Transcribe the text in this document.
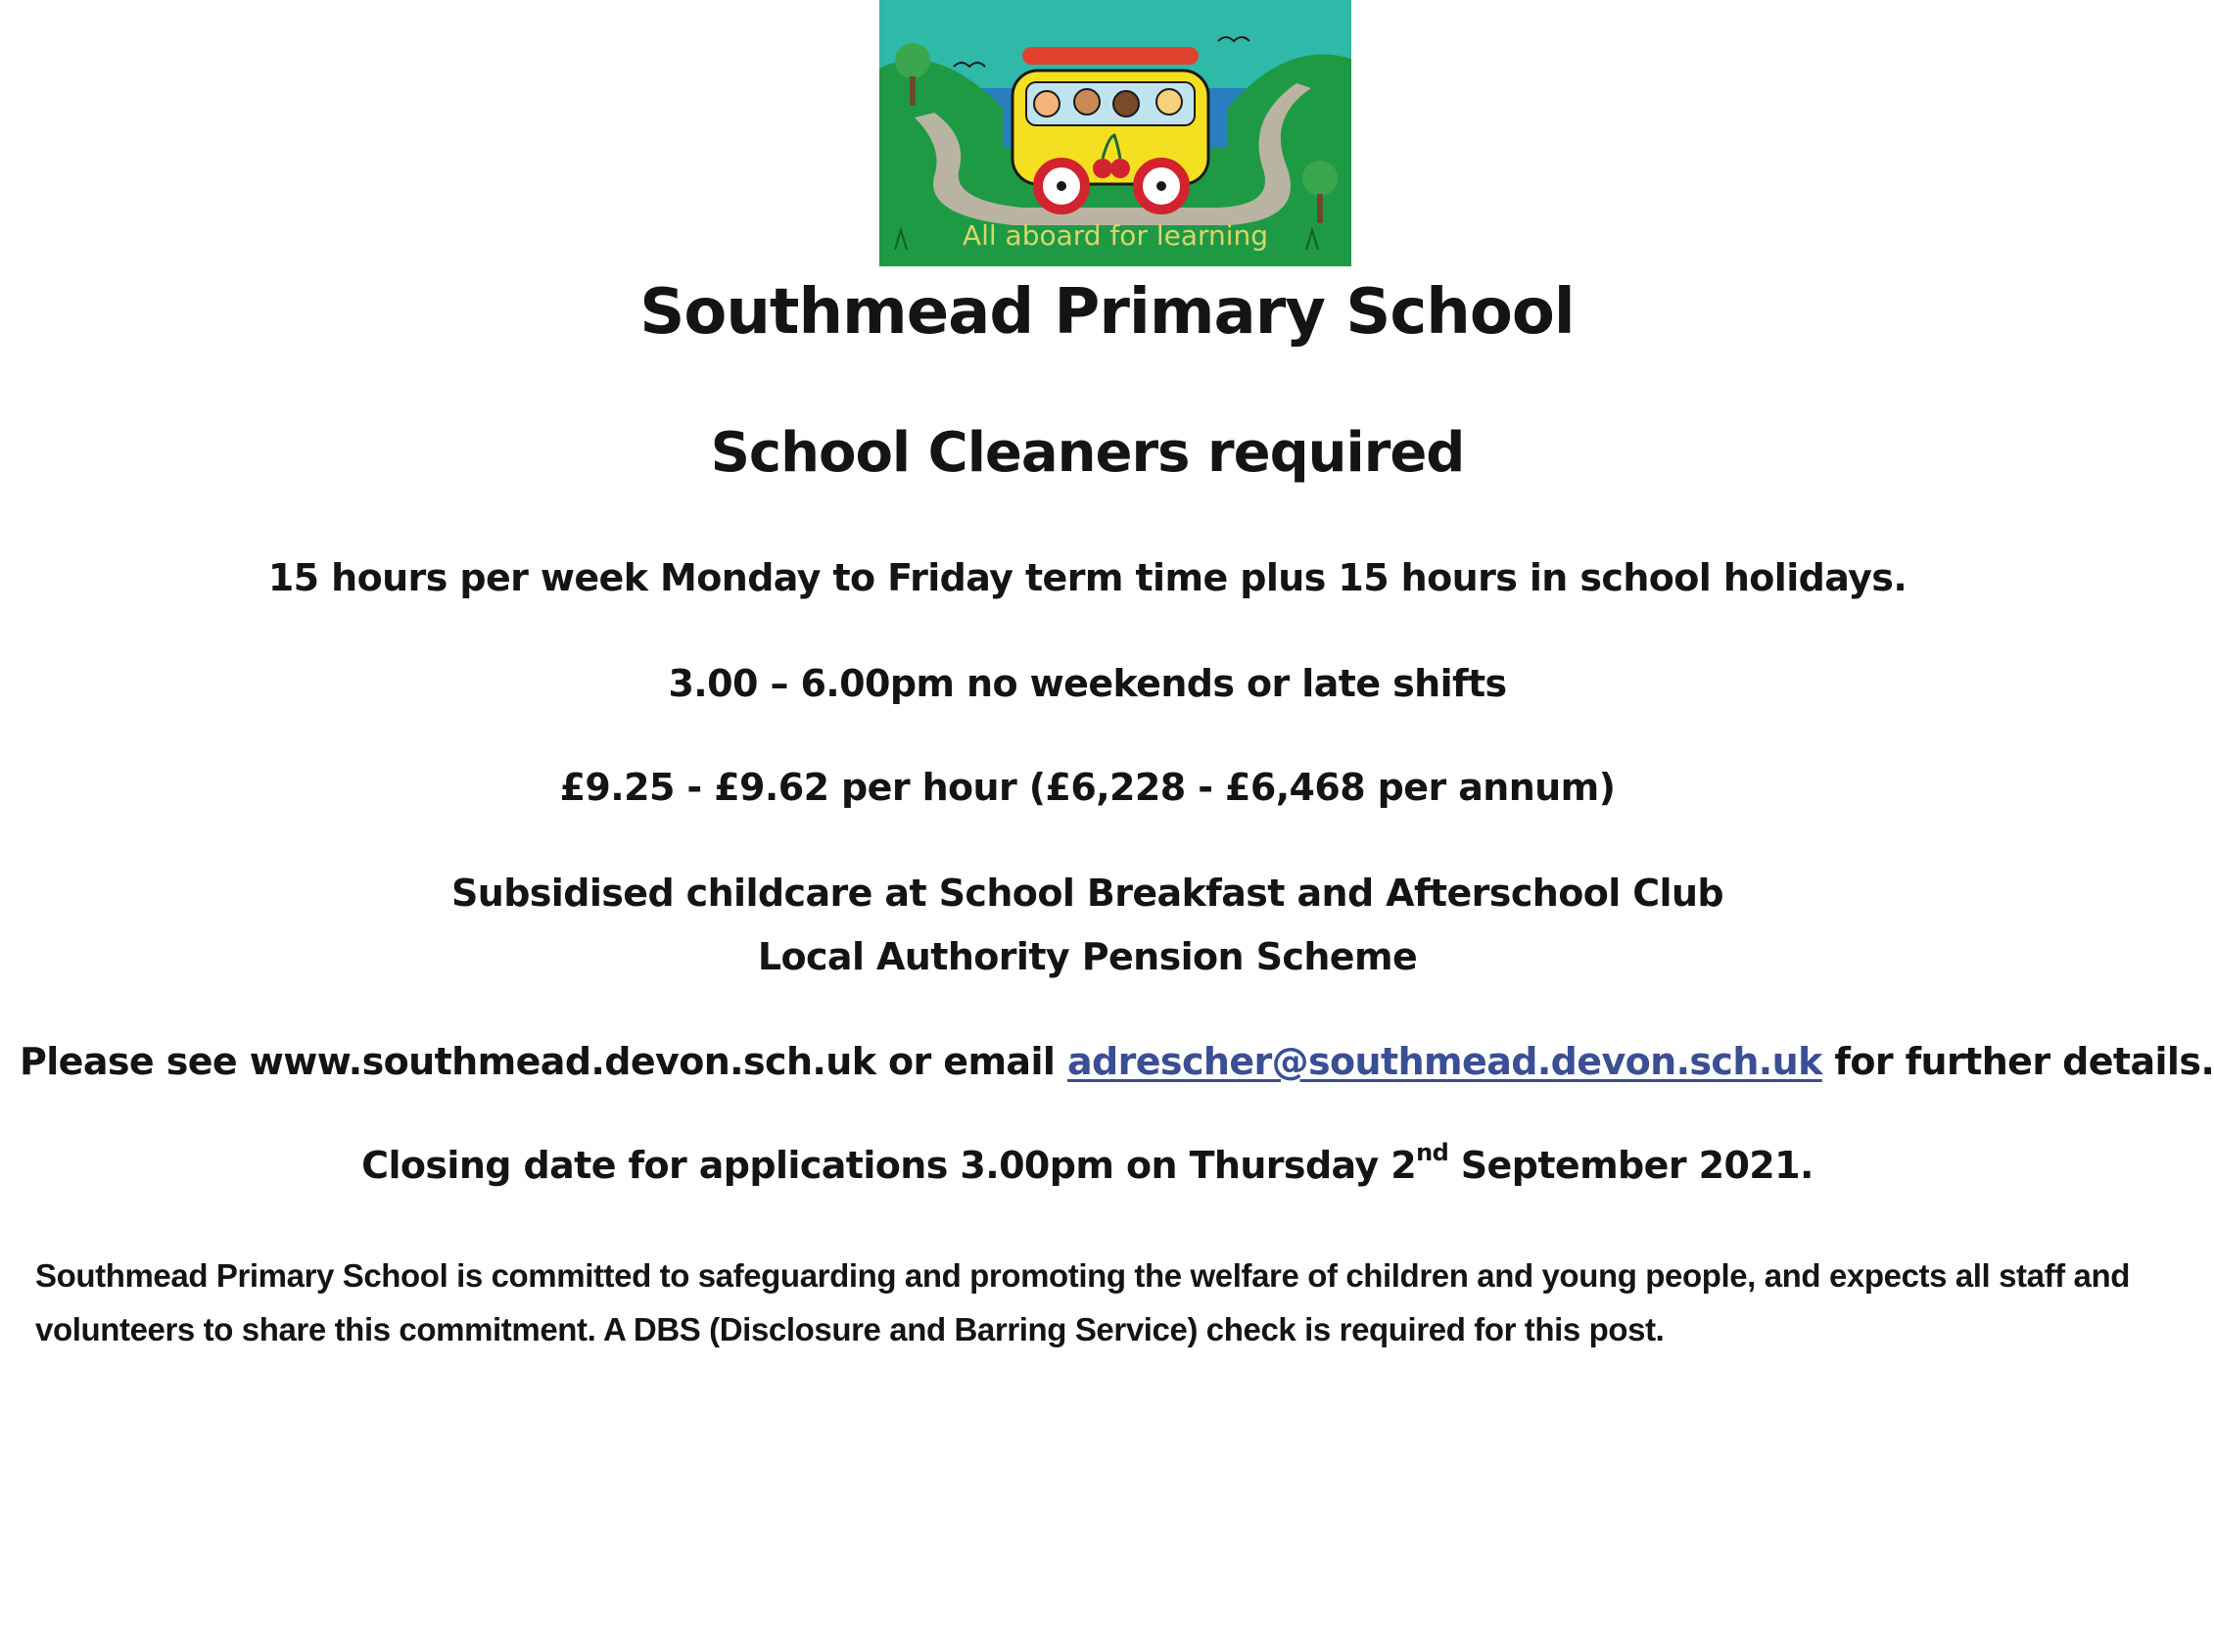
All aboard for learning
Southmead Primary School
School Cleaners required
15 hours per week Monday to Friday term time plus 15 hours in school holidays.
3.00 – 6.00pm no weekends or late shifts
£9.25 - £9.62 per hour (£6,228 - £6,468 per annum)
Subsidised childcare at School Breakfast and Afterschool Club
Local Authority Pension Scheme
Please see www.southmead.devon.sch.uk or email adrescher@southmead.devon.sch.uk for further details.
Closing date for applications 3.00pm on Thursday 2nd September 2021.
Southmead Primary School is committed to safeguarding and promoting the welfare of children and young people, and expects all staff and volunteers to share this commitment. A DBS (Disclosure and Barring Service) check is required for this post.
